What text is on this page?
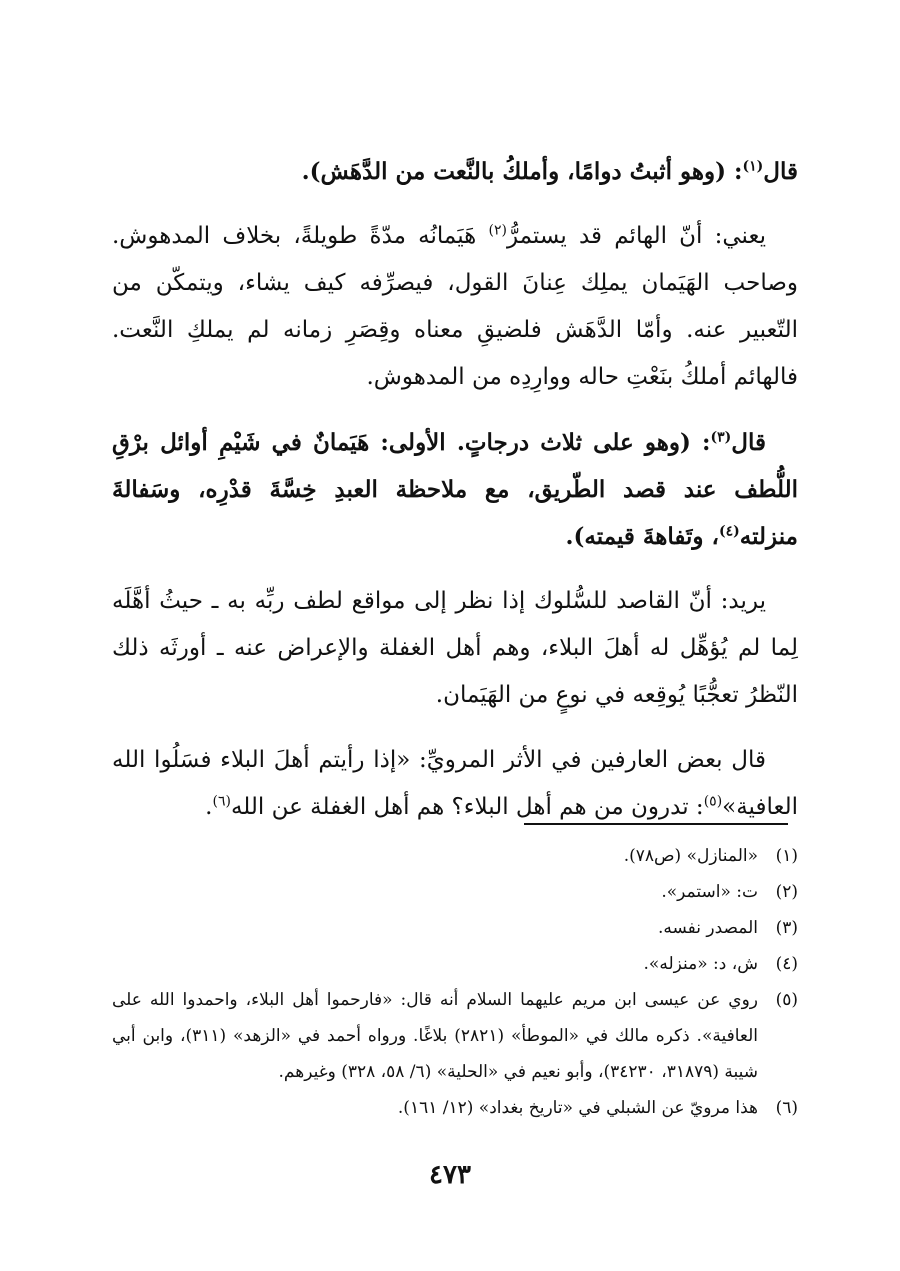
قال$^{(١)}$: (وهو أثبتُ دوامًا، وأملكُ بالنَّعت من الدَّهَش).

يعني: أنّ الهائم قد يستمرُّ$^{(٢)}$ هَيَمانُه مدّةً طويلةً، بخلاف المدهوش. وصاحب الهَيَمان يملِك عِنانَ القول، فيصرِّفه كيف يشاء، ويتمكّن من التّعبير عنه. وأمّا الدَّهَش فلضيقِ معناه وقِصَرِ زمانه لم يملكِ النَّعت. فالهائم أملكُ بنَعْتِ حاله ووارِدِه من المدهوش.

قال$^{(٣)}$: (وهو على ثلاث درجاتٍ. الأولى: هَيَمانٌ في شَيْمِ أوائل برْقِ اللُّطف عند قصد الطّريق، مع ملاحظة العبدِ خِسَّةَ قدْرِه، وسَفالةَ منزلته$^{(٤)}$، وتَفاهةَ قيمته).

يريد: أنّ القاصد للسُّلوك إذا نظر إلى مواقع لطف ربِّه به ـ حيثُ أهَّلَه لِما لم يُؤهِّل له أهلَ البلاء، وهم أهل الغفلة والإعراض عنه ـ أورثَه ذلك النّظرُ تعجُّبًا يُوقِعه في نوعٍ من الهَيَمان.

قال بعض العارفين في الأثر المرويِّ: «إذا رأيتم أهلَ البلاء فسَلُوا الله العافية»$^{(٥)}$: تدرون من هم أهل البلاء؟ هم أهل الغفلة عن الله$^{(٦)}$.

(١)
«المنازل» (ص٧٨).
(٢)
ت: «استمر».
(٣)
المصدر نفسه.
(٤)
ش، د: «منزله».
(٥)
روي عن عيسى ابن مريم عليهما السلام أنه قال: «فارحموا أهل البلاء، واحمدوا الله على العافية». ذكره مالك في «الموطأ» (٢٨٢١) بلاغًا. ورواه أحمد في «الزهد» (٣١١)، وابن أبي شيبة (٣١٨٧٩، ٣٤٢٣٠)، وأبو نعيم في «الحلية» (٦/ ٥٨، ٣٢٨) وغيرهم.
(٦)
هذا مرويّ عن الشبلي في «تاريخ بغداد» (١٢/ ١٦١).
٤٧٣
